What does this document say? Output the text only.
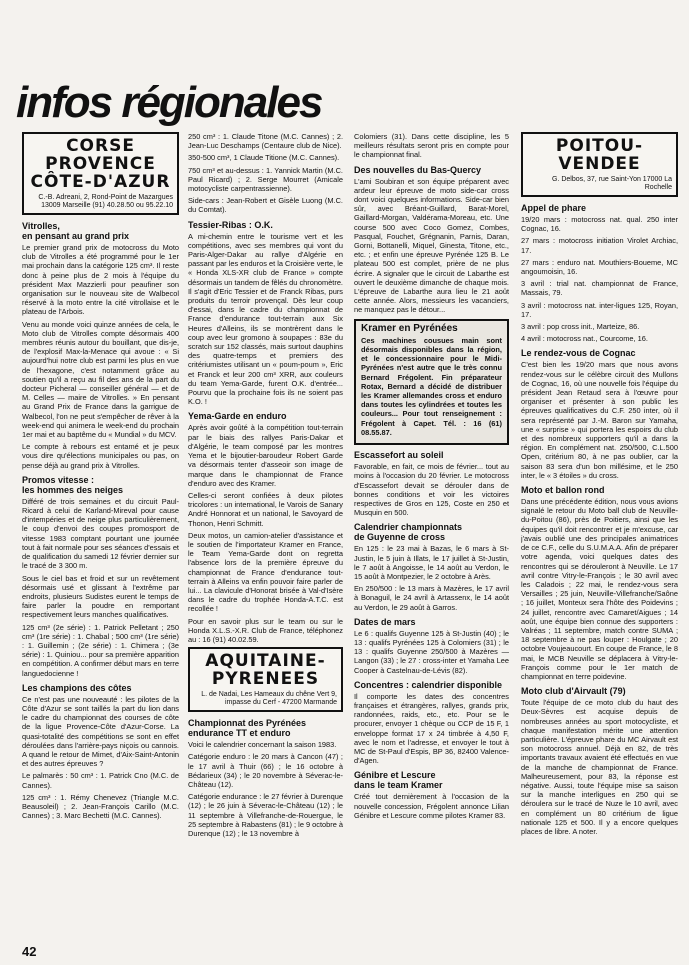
infos régionales
CORSE
PROVENCE
CÔTE-D'AZUR
C.-B. Adreani, 2, Rond-Point de Mazargues 13009 Marseille (91) 40.28.50 ou 95.22.10
Vitrolles,
en pensant au grand prix

Le premier grand prix de motocross du Moto club de Vitrolles a été programmé pour le 1er mai prochain dans la catégorie 125 cm³. Il reste donc à peine plus de 2 mois à l'équipe du président Max Mazzierli pour peaufiner son organisation sur le nouveau site de Walbecol réservé à la moto entre la cité vitrollaise et le plateau de l'Arbois.

Venu au monde voici quinze années de cela, le Moto club de Vitrolles compte désormais 400 membres réunis autour du bouillant, que dis-je, de l'explosif Max-la-Menace qui avoue : « Si aujourd'hui notre club est parmi les plus en vue de l'hexagone, c'est notamment grâce au soutien qu'il a reçu au fil des ans de la part du docteur Picheral — conseiller général — et de M. Celles — maire de Vitrolles. » En pensant au Grand Prix de France dans la garrigue de Walbecol, l'on ne peut s'empêcher de rêver à la week-end qui animera le week-end du prochain 1er mai et au baptême du « Mundial » du MCV.

Le compte à rebours est entamé et je peux vous dire qu'élections municipales ou pas, on pense déjà au grand prix à Vitrolles.

Promos vitesse :
les hommes des neiges

Différé de trois semaines et du circuit Paul-Ricard à celui de Karland-Mireval pour cause d'intempéries et de neige plus particulièrement, le coup d'envoi des coupes promosport de vitesse 1983 comptant pourtant une journée tout à fait normale pour ses séances d'essais et de qualification du samedi 12 février dernier sur le tracé de 3 300 m.

Sous le ciel bas et froid et sur un revêtement désormais usé et glissant à l'extrême par endroits, plusieurs Sudistes eurent le temps de faire parler la poudre en remportant respectivement leurs manches qualificatives.

125 cm³ (2e série) : 1. Patrick Pelletant ; 250 cm³ (1re série) : 1. Chabal ; 500 cm³ (1re série) : 1. Guillemin ; (2e série) : 1. Chimera ; (3e série) : 1. Quiniou... pour sa première apparition en compétition. A confirmer début mars en terre languedocienne !

Les champions des côtes

Ce n'est pas une nouveauté : les pilotes de la Côte d'Azur se sont taillés la part du lion dans le cadre du championnat des courses de côte de la ligue Provence-Côte d'Azur-Corse. La quasi-totalité des compétitions se sont en effet déroulées dans l'arrière-pays niçois ou cannois. A quand le retour de Mimet, d'Aix-Saint-Antonin et des autres épreuves ?

Le palmarès : 50 cm³ : 1. Patrick Cno (M.C. de Cannes).

125 cm³ : 1. Rémy Chenevez (Triangle M.C. Beausoleil) ; 2. Jean-François Carillo (M.C. Cannes) ; 3. Marc Bechetti (M.C. Cannes).

250 cm³ : 1. Claude Titone (M.C. Cannes) ; 2. Jean-Luc Deschamps (Centaure club de Nice).

350-500 cm³, 1 Claude Titione (M.C. Cannes).

750 cm³ et au-dessus : 1. Yannick Martin (M.C. Paul Ricard) ; 2. Serge Mourret (Amicale motocycliste carpentrassienne).

Side-cars : Jean-Robert et Gisèle Luong (M.C. du Comtat).

Tessier-Ribas : O.K.

A mi-chemin entre le tourisme vert et les compétitions, avec ses membres qui vont du Paris-Alger-Dakar au rallye d'Algérie en passant par les enduros et la Croisière verte, le « Honda XLS-XR club de France » compte désormais un tandem de fêlés du chronomètre. Il s'agit d'Eric Tessier et de Franck Ribas, purs produits du terroir provençal. Dès leur coup d'essai, dans le cadre du championnat de France d'endurance tout-terrain aux Six Heures d'Alleins, ils se montrèrent dans le coup avec leur gromono à soupapes : 83e du scratch sur 152 classés, mais surtout dauphins des quatre-temps et premiers des critériumistes utilisant un « poum-poum », Eric et Franck et leur 200 cm³ XRR, aux couleurs du team Yema-Garde, furent O.K. d'entrée... Pourvu que la prochaine fois ils ne soient pas K.O. !

Yema-Garde en enduro

Après avoir goûté à la compétition tout-terrain par le biais des rallyes Paris-Dakar et d'Algérie, le team composé par les montres Yema et le bijoutier-baroudeur Robert Garde va désormais tenter d'asseoir son image de marque dans le championnat de France d'enduro avec des Kramer.

Celles-ci seront confiées à deux pilotes tricolores : un international, le Varois de Sanary André Honnorat et un national, le Savoyard de Thonon, Henri Schmitt.

Deux motos, un camion-atelier d'assistance et le soutien de l'importateur Kramer en France, le Team Yema-Garde dont on regretta l'absence lors de la première épreuve du championnat de France d'endurance tout-terrain à Alleins va enfin pouvoir faire parler de lui... La clavicule d'Honorat brisée à Val-d'Isère dans le cadre du trophée Honda-A.T.C. est recollée !

Pour en savoir plus sur le team ou sur le Honda X.L.S.-X.R. Club de France, téléphonez au : 16 (91) 40.02.59.

AQUITAINE-
PYRENEES
L. de Nadai, Les Hameaux du chêne Vert 9, impasse du Cerf - 47200 Marmande
Championnat des Pyrénées
endurance TT et enduro

Voici le calendrier concernant la saison 1983.

Catégorie enduro : le 20 mars à Cancon (47) ; le 17 avril à Thuir (66) ; le 16 octobre à Bédarieux (34) ; le 20 novembre à Séverac-le-Château (12).

Catégorie endurance : le 27 février à Durenque (12) ; le 26 juin à Séverac-le-Château (12) ; le 11 septembre à Villefranche-de-Rouergue, le 25 septembre à Rabastens (81) ; le 9 octobre à Durenque (12) ; le 13 novembre à

Colomiers (31). Dans cette discipline, les 5 meilleurs résultats seront pris en compte pour le championnat final.

Des nouvelles du Bas-Quercy

L'ami Soubiran et son équipe préparent avec ardeur leur épreuve de moto side-car cross dont voici quelques informations. Side-car bien sûr, avec Bréant-Guillard, Barat-Morel, Gaillard-Morgan, Valdérama-Moreau, etc. Une course 500 avec Coco Gomez, Combes, Pasqual, Fouchet, Grégnanin, Parnis, Daran, Gorni, Bottanelli, Miquel, Ginesta, Titone, etc., etc. ; et enfin une épreuve Pyrénée 125 B. Le plateau 500 est complet, prière de ne plus écrire. A signaler que le circuit de Labarthe est ouvert le deuxième dimanche de chaque mois. L'épreuve de Labarthe aura lieu le 21 août cette année. Alors, messieurs les vacanciers, ne manquez pas le détour...

Kramer en Pyrénées

Ces machines cousues main sont désormais disponibles dans la région, et le concessionnaire pour le Midi-Pyrénées n'est autre que le très connu Bernard Frégolent. Fin préparateur Rotax, Bernard a décidé de distribuer les Kramer allemandes cross et enduro dans toutes les cylindrées et toutes les couleurs... Pour tout renseignement : Frégolent à Capet. Tél. : 16 (61) 08.55.87.

Escassefort au soleil

Favorable, en fait, ce mois de février... tout au moins à l'occasion du 20 février. Le motocross d'Escassefort devait se dérouler dans de bonnes conditions et voir les victoires respectives de Gros en 125, Coste en 250 et Musquin en 500.

Calendrier championnats
de Guyenne de cross

En 125 : le 23 mai à Bazas, le 6 mars à St-Justin, le 5 juin à Illats, le 17 juillet à St-Justin, le 7 août à Angoisse, le 14 août au Verdon, le 15 août à Montpezier, le 2 octobre à Arès.

En 250/500 : le 13 mars à Mazères, le 17 avril à Bonaguil, le 24 avril à Artassenx, le 14 août au Verdon, le 29 août à Garros.

Dates de mars

Le 6 : qualifs Guyenne 125 à St-Justin (40) ; le 13 : qualifs Pyrénées 125 à Colomiers (31) ; le 13 : qualifs Guyenne 250/500 à Mazères — Langon (33) ; le 27 : cross-inter et Yamaha Lee Cooper à Castelnau-de-Lévis (82).

Concentres : calendrier disponible

Il comporte les dates des concentres françaises et étrangères, rallyes, grands prix, randonnées, raids, etc., etc. Pour se le procurer, envoyer 1 chèque ou CCP de 15 F, 1 enveloppe format 17 x 24 timbrée à 4,50 F, avec le nom et l'adresse, et envoyer le tout à MC de St-Paul d'Espis, BP 36, 82400 Valence-d'Agen.

Génibre et Lescure
dans le team Kramer

Créé tout dernièrement à l'occasion de la nouvelle concession, Frégolent annonce Lilian Génibre et Lescure comme pilotes Kramer 83.

POITOU-
VENDEE
G. Delbos, 37, rue Saint-Yon 17000 La Rochelle
Appel de phare

19/20 mars : motocross nat. qual. 250 inter Cognac, 16.

27 mars : motocross initiation Virolet Archiac, 17.

27 mars : enduro nat. Mouthiers-Boueme, MC angoumoisin, 16.

3 avril : trial nat. championnat de France, Massais, 79.

3 avril : motocross nat. inter-ligues 125, Royan, 17.

3 avril : pop cross init., Marteize, 86.

4 avril : motocross nat., Courcome, 16.

Le rendez-vous de Cognac

C'est bien les 19/20 mars que nous avons rendez-vous sur le célèbre circuit des Mullons de Cognac, 16, où une nouvelle fois l'équipe du président Jean Retaud sera à l'œuvre pour organiser et présenter à son public les épreuves qualificatives du C.F. 250 inter, où il sera représenté par J.-M. Baron sur Yamaha, une « surprise » qui portera les espoirs du club et des nombreux supporters qu'il a dans la région. En complément nat. 250/500, C.L.500 Open, critérium 80, à ne pas oublier, car la saison 83 sera d'un bon millésime, et le 250 inter, le « 3 étoiles » du cross.

Moto et ballon rond

Dans une précédente édition, nous vous avions signalé le retour du Moto ball club de Neuville-du-Poitou (86), près de Poitiers, ainsi que les équipes qu'il doit rencontrer et je m'excuse, car j'avais oublié une des principales animatrices de ce C.F., celle du S.U.M.A.A. Afin de préparer votre agenda, voici quelques dates des rencontres qui se dérouleront à Neuville. Le 17 avril contre Vitry-le-François ; le 30 avril avec les Caladois ; 22 mai, le rendez-vous sera Versailles ; 25 juin, Neuville-Villefranche/Saône ; 16 juillet, Monteux sera l'hôte des Poidevins ; 24 juillet, rencontre avec Camaret/Aigues ; 14 août, une équipe bien connue des supporters : Valréas ; 11 septembre, match contre SUMA ; 18 septembre à ne pas louper : Houlgate ; 20 octobre Voujeaucourt. En coupe de France, le 8 mai, le MCB Neuville se déplacera à Vitry-le-François comme pour le 1er match de championnat en terre poidevine.

Moto club d'Airvault (79)

Toute l'équipe de ce moto club du haut des Deux-Sèvres est acquise depuis de nombreuses années au sport motocycliste, et chaque manifestation mérite une attention particulière. L'épreuve phare du MC Airvault est son motocross annuel. Déjà en 82, de très importants travaux avaient été effectués en vue de la manche de championnat de France. Malheureusement, pour 83, la réponse est négative. Aussi, toute l'équipe mise sa saison sur la manche interligues en 250 qui se déroulera sur le tracé de Nuze le 10 avril, avec en complément un 80 critérium de ligue nationale 125 et 500. Il y a encore quelques places de libre. A noter.

42
